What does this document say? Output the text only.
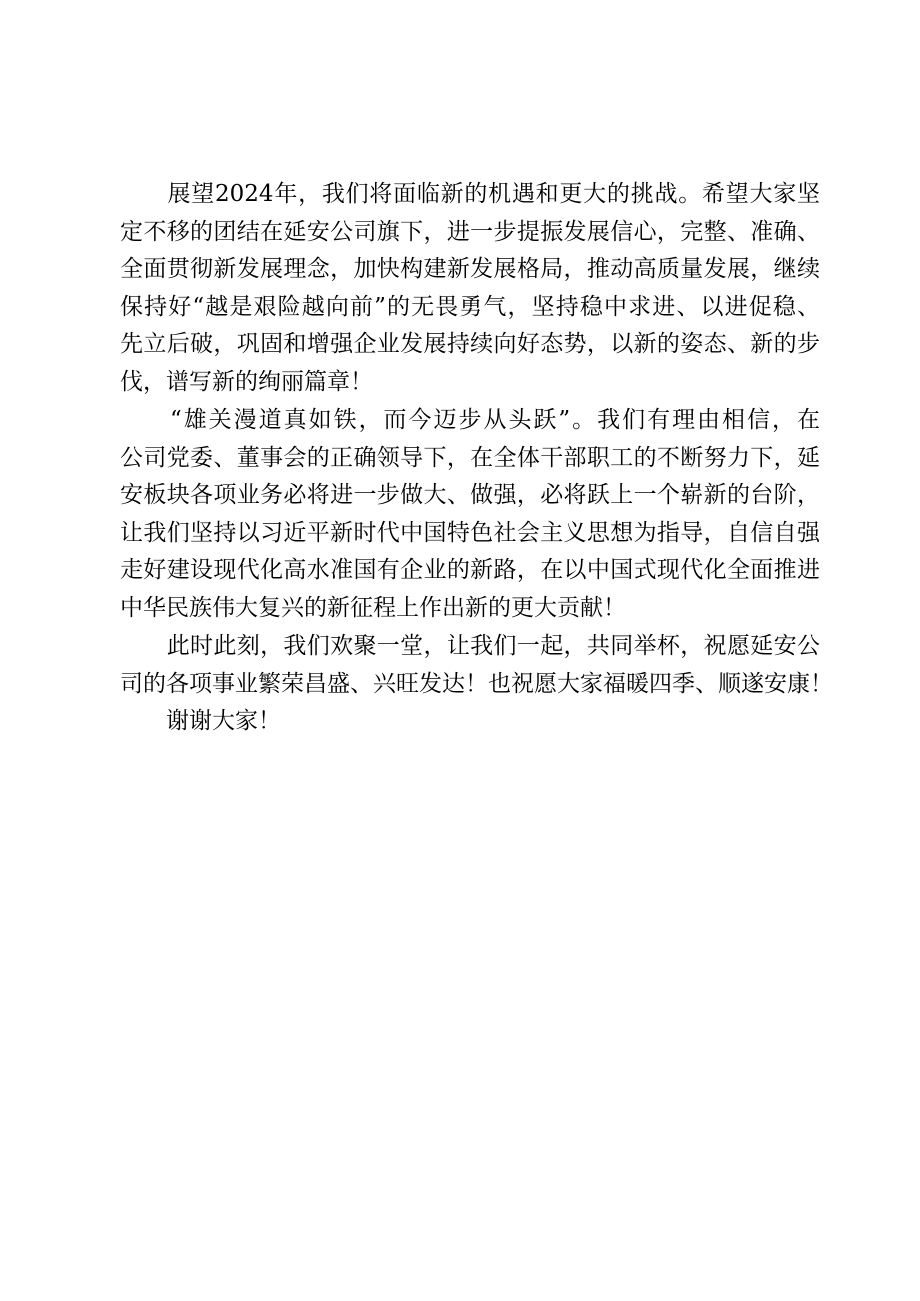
　　展望2024年，我们将面临新的机遇和更大的挑战。希望大家坚
定不移的团结在延安公司旗下，进一步提振发展信心，完整、准确、
全面贯彻新发展理念，加快构建新发展格局，推动高质量发展，继续
保持好“越是艰险越向前”的无畏勇气，坚持稳中求进、以进促稳、
先立后破，巩固和增强企业发展持续向好态势，以新的姿态、新的步
伐，谱写新的绚丽篇章！
　　“雄关漫道真如铁，而今迈步从头跃”。我们有理由相信，在
公司党委、董事会的正确领导下，在全体干部职工的不断努力下，延
安板块各项业务必将进一步做大、做强，必将跃上一个崭新的台阶，
让我们坚持以习近平新时代中国特色社会主义思想为指导，自信自强
走好建设现代化高水准国有企业的新路，在以中国式现代化全面推进
中华民族伟大复兴的新征程上作出新的更大贡献！
　　此时此刻，我们欢聚一堂，让我们一起，共同举杯，祝愿延安公
司的各项事业繁荣昌盛、兴旺发达！也祝愿大家福暖四季、顺遂安康！
　　谢谢大家！
